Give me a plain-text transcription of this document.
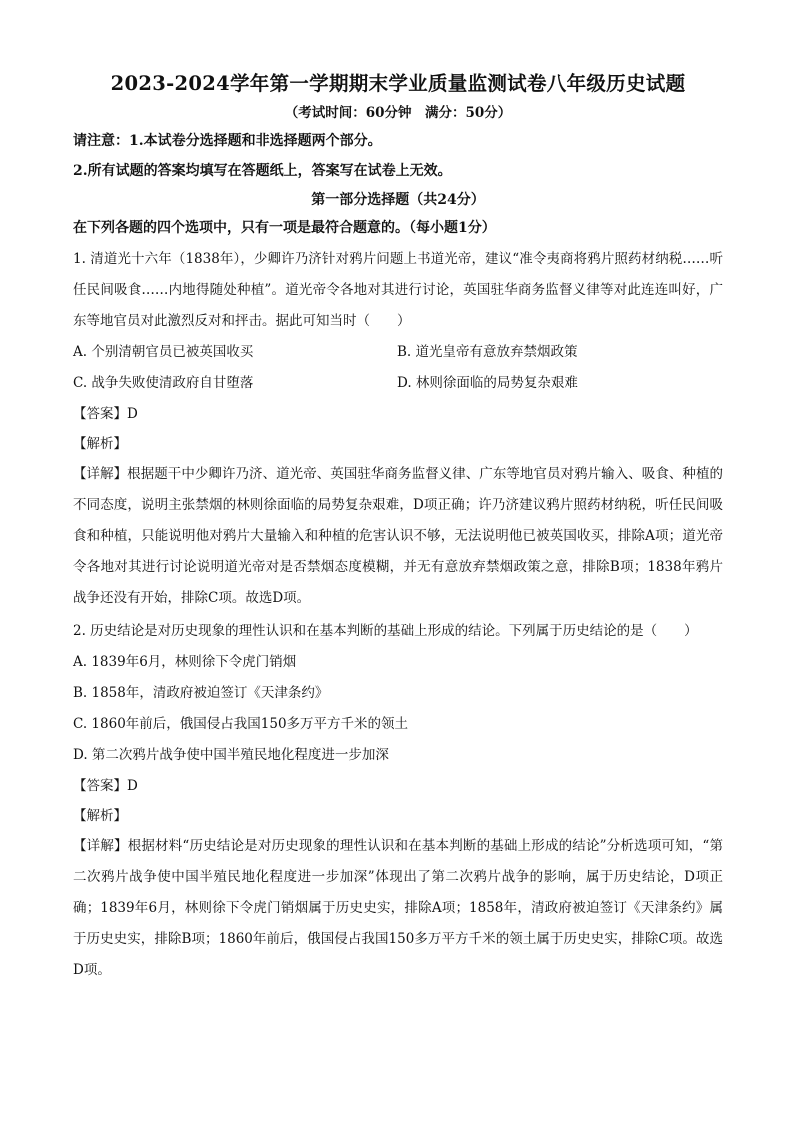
2023-2024学年第一学期期末学业质量监测试卷八年级历史试题
（考试时间：60分钟　满分：50分）
请注意：1.本试卷分选择题和非选择题两个部分。
2.所有试题的答案均填写在答题纸上，答案写在试卷上无效。
第一部分选择题（共24分）
在下列各题的四个选项中，只有一项是最符合题意的。（每小题1分）
1. 清道光十六年（1838年），少卿许乃济针对鸦片问题上书道光帝，建议“准令夷商将鸦片照药材纳税……听任民间吸食……内地得随处种植”。道光帝令各地对其进行讨论，英国驻华商务监督义律等对此连连叫好，广东等地官员对此激烈反对和抨击。据此可知当时（　　）
A. 个别清朝官员已被英国收买	B. 道光皇帝有意放弃禁烟政策
C. 战争失败使清政府自甘堕落	D. 林则徐面临的局势复杂艰难
【答案】D
【解析】
【详解】根据题干中少卿许乃济、道光帝、英国驻华商务监督义律、广东等地官员对鸦片输入、吸食、种植的不同态度，说明主张禁烟的林则徐面临的局势复杂艰难，D项正确；许乃济建议鸦片照药材纳税，听任民间吸食和种植，只能说明他对鸦片大量输入和种植的危害认识不够，无法说明他已被英国收买，排除A项；道光帝令各地对其进行讨论说明道光帝对是否禁烟态度模糊，并无有意放弃禁烟政策之意，排除B项；1838年鸦片战争还没有开始，排除C项。故选D项。
2. 历史结论是对历史现象的理性认识和在基本判断的基础上形成的结论。下列属于历史结论的是（　　）
A. 1839年6月，林则徐下令虎门销烟
B. 1858年，清政府被迫签订《天津条约》
C. 1860年前后，俄国侵占我国150多万平方千米的领土
D. 第二次鸦片战争使中国半殖民地化程度进一步加深
【答案】D
【解析】
【详解】根据材料“历史结论是对历史现象的理性认识和在基本判断的基础上形成的结论”分析选项可知，“第二次鸦片战争使中国半殖民地化程度进一步加深”体现出了第二次鸦片战争的影响，属于历史结论，D项正确；1839年6月，林则徐下令虎门销烟属于历史史实，排除A项；1858年，清政府被迫签订《天津条约》属于历史史实，排除B项；1860年前后，俄国侵占我国150多万平方千米的领土属于历史史实，排除C项。故选D项。
